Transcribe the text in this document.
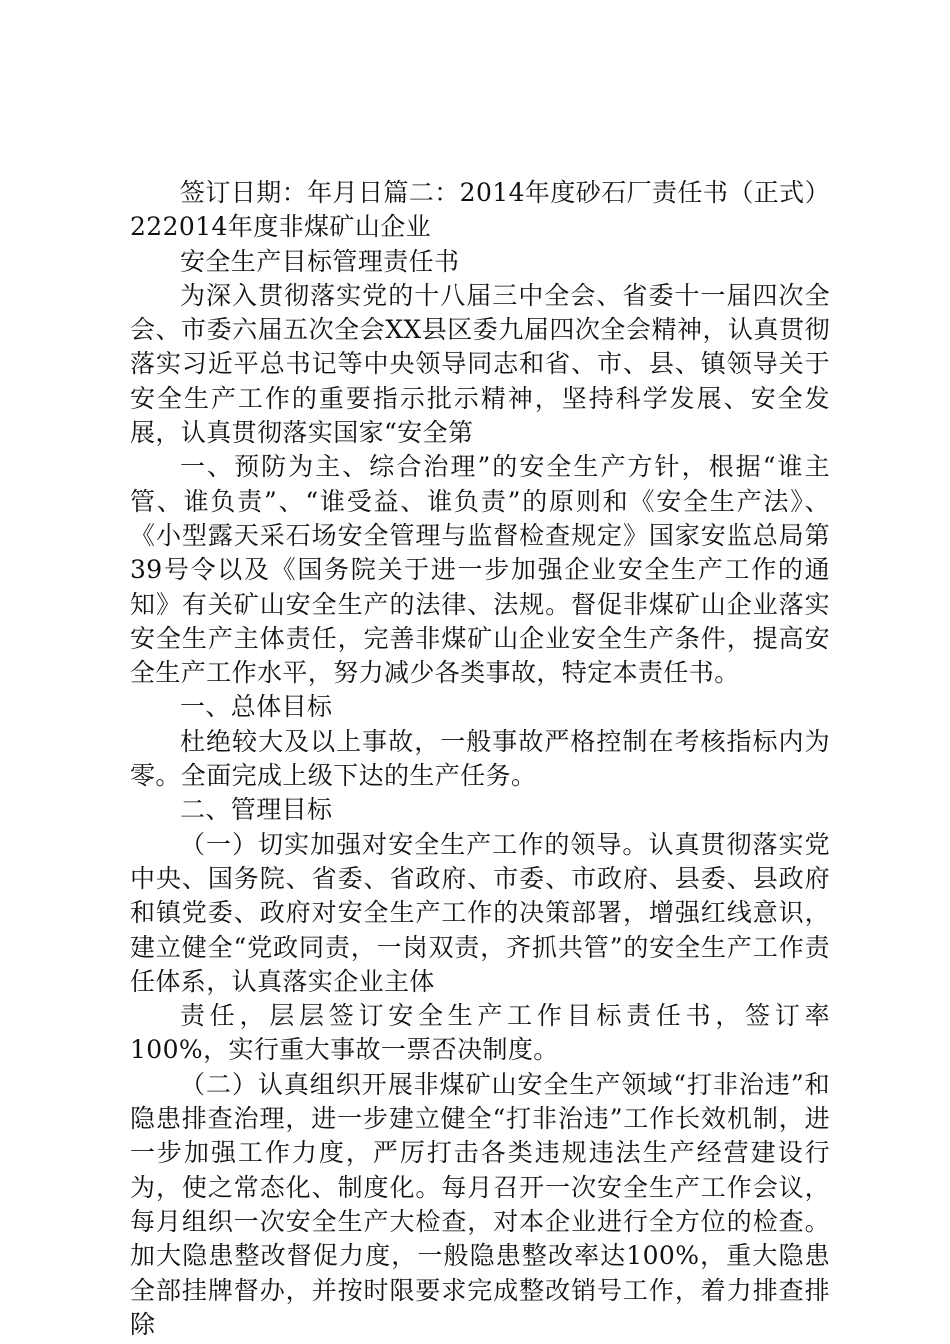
签订日期：年月日篇二：2014年度砂石厂责任书（正式）222014年度非煤矿山企业

安全生产目标管理责任书

为深入贯彻落实党的十八届三中全会、省委十一届四次全会、市委六届五次全会XX县区委九届四次全会精神，认真贯彻落实习近平总书记等中央领导同志和省、市、县、镇领导关于安全生产工作的重要指示批示精神，坚持科学发展、安全发展，认真贯彻落实国家“安全第

一、预防为主、综合治理”的安全生产方针，根据“谁主管、谁负责”、“谁受益、谁负责”的原则和《安全生产法》、《小型露天采石场安全管理与监督检查规定》国家安监总局第39号令以及《国务院关于进一步加强企业安全生产工作的通知》有关矿山安全生产的法律、法规。督促非煤矿山企业落实安全生产主体责任，完善非煤矿山企业安全生产条件，提高安全生产工作水平，努力减少各类事故，特定本责任书。

一、总体目标

杜绝较大及以上事故，一般事故严格控制在考核指标内为零。全面完成上级下达的生产任务。

二、管理目标

（一）切实加强对安全生产工作的领导。认真贯彻落实党中央、国务院、省委、省政府、市委、市政府、县委、县政府和镇党委、政府对安全生产工作的决策部署，增强红线意识，建立健全“党政同责，一岗双责，齐抓共管”的安全生产工作责任体系，认真落实企业主体

责任，层层签订安全生产工作目标责任书，签订率100%，实行重大事故一票否决制度。

（二）认真组织开展非煤矿山安全生产领域“打非治违”和隐患排查治理，进一步建立健全“打非治违”工作长效机制，进一步加强工作力度，严厉打击各类违规违法生产经营建设行为，使之常态化、制度化。每月召开一次安全生产工作会议，每月组织一次安全生产大检查，对本企业进行全方位的检查。加大隐患整改督促力度，一般隐患整改率达100%，重大隐患全部挂牌督办，并按时限要求完成整改销号工作，着力排查排除
